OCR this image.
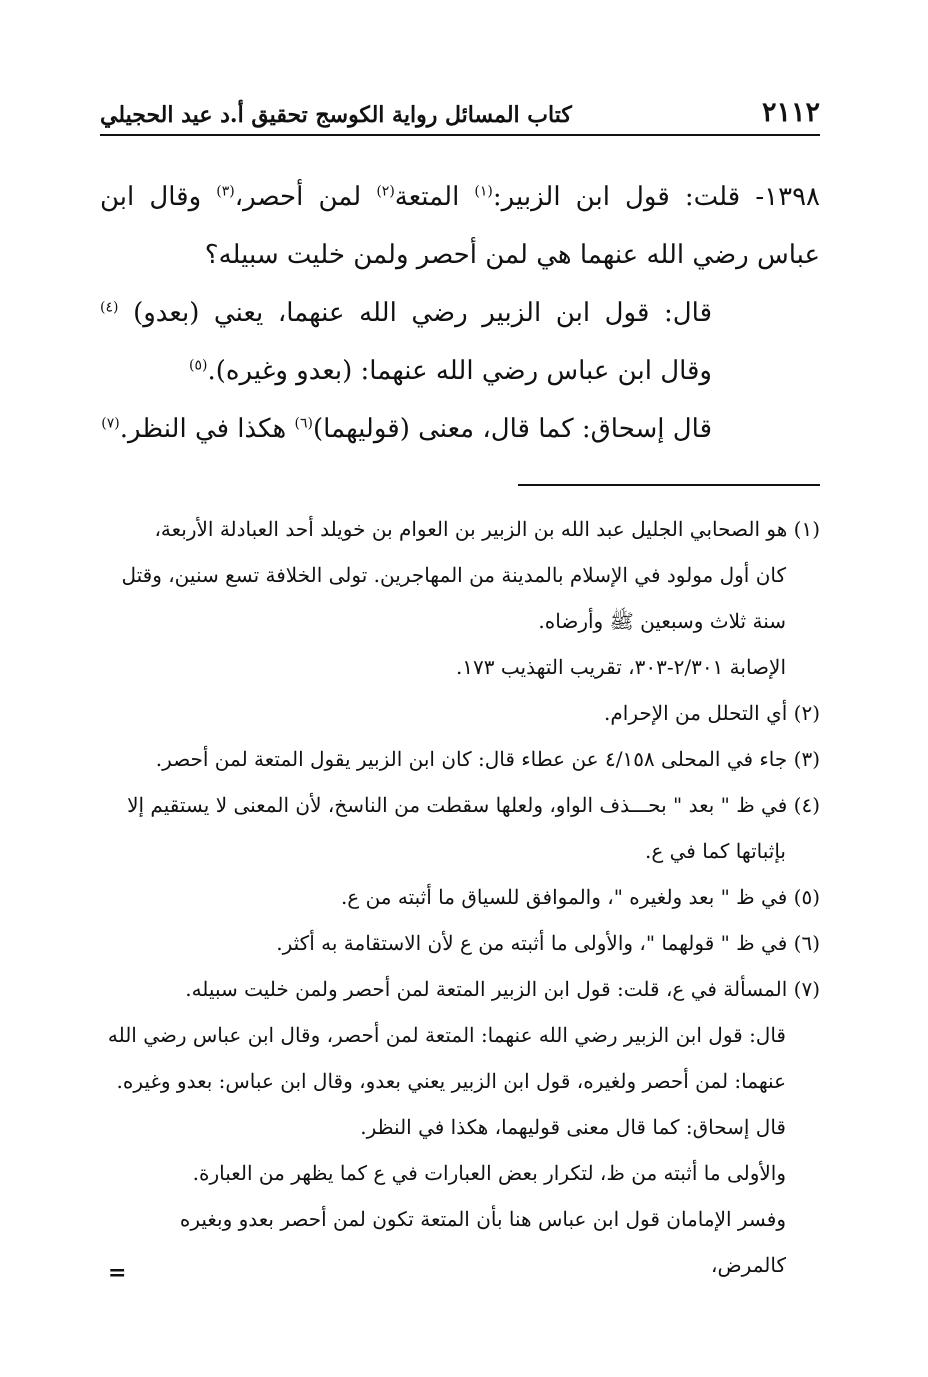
٢١١٢
كتاب المسائل رواية الكوسج تحقيق أ.د عيد الحجيلي

١٣٩٨- قلت: قول ابن الزبير:$^{(١)}$ المتعة$^{(٢)}$ لمن أحصر،$^{(٣)}$ وقال ابن عباس رضي الله عنهما هي لمن أحصر ولمن خليت سبيله؟

قال: قول ابن الزبير رضي الله عنهما، يعني (بعدو) $^{(٤)}$ وقال ابن عباس رضي الله عنهما: (بعدو وغيره).$^{(٥)}$

قال إسحاق: كما قال، معنى (قوليهما)$^{(٦)}$ هكذا في النظر.$^{(٧)}$

(١) هو الصحابي الجليل عبد الله بن الزبير بن العوام بن خويلد أحد العبادلة الأربعة،

كان أول مولود في الإسلام بالمدينة من المهاجرين. تولى الخلافة تسع سنين، وقتل

سنة ثلاث وسبعين ﷺ وأرضاه.

الإصابة ٢/٣٠١-٣٠٣، تقريب التهذيب ١٧٣.

(٢) أي التحلل من الإحرام.

(٣) جاء في المحلى ٤/١٥٨ عن عطاء قال: كان ابن الزبير يقول المتعة لمن أحصر.

(٤) في ظ " بعد " بحـــذف الواو، ولعلها سقطت من الناسخ، لأن المعنى لا يستقيم إلا

بإثباتها كما في ع.

(٥) في ظ " بعد ولغيره "، والموافق للسياق ما أثبته من ع.

(٦) في ظ " قولهما "، والأولى ما أثبته من ع لأن الاستقامة به أكثر.

(٧) المسألة في ع، قلت: قول ابن الزبير المتعة لمن أحصر ولمن خليت سبيله.

قال: قول ابن الزبير رضي الله عنهما: المتعة لمن أحصر، وقال ابن عباس رضي الله

عنهما: لمن أحصر ولغيره، قول ابن الزبير يعني بعدو، وقال ابن عباس: بعدو وغيره.

قال إسحاق: كما قال معنى قوليهما، هكذا في النظر.

والأولى ما أثبته من ظ، لتكرار بعض العبارات في ع كما يظهر من العبارة.

وفسر الإمامان قول ابن عباس هنا بأن المتعة تكون لمن أحصر بعدو وبغيره كالمرض،

=
